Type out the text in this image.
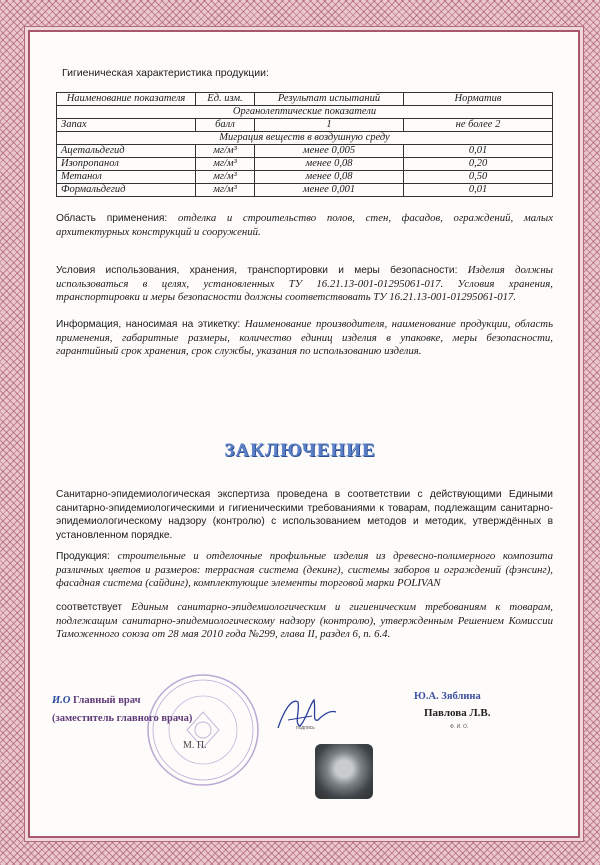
Гигиеническая характеристика продукции:
Наименование показателя	Ед. изм.	Результат испытаний	Норматив
Органолептические показатели			
Запах	балл	1	не более 2
Миграция веществ в воздушную среду			
Ацетальдегид	мг/м³	менее 0,005	0,01
Изопропанол	мг/м³	менее 0,08	0,20
Метанол	мг/м³	менее 0,08	0,50
Формальдегид	мг/м³	менее 0,001	0,01
Область применения: отделка и строительство полов, стен, фасадов, ограждений, малых архитектурных конструкций и сооружений.
Условия использования, хранения, транспортировки и меры безопасности: Изделия должны использоваться в целях, установленных ТУ 16.21.13-001-01295061-017. Условия хранения, транспортировки и меры безопасности должны соответствовать ТУ 16.21.13-001-01295061-017.
Информация, наносимая на этикетку: Наименование производителя, наименование продукции, область применения, габаритные размеры, количество единиц изделия в упаковке, меры безопасности, гарантийный срок хранения, срок службы, указания по использованию изделия.
ЗАКЛЮЧЕНИЕ
Санитарно-эпидемиологическая экспертиза проведена в соответствии с действующими Едиными санитарно-эпидемиологическими и гигиеническими требованиями к товарам, подлежащим санитарно-эпидемиологическому надзору (контролю) с использованием методов и методик, утверждённых в установленном порядке.
Продукция: строительные и отделочные профильные изделия из древесно-полимерного композита различных цветов и размеров: террасная система (декинг), системы заборов и ограждений (фэнсинг), фасадная система (сайдинг), комплектующие элементы торговой марки POLIVAN
соответствует Единым санитарно-эпидемиологическим и гигиеническим требованиям к товарам, подлежащим санитарно-эпидемиологическому надзору (контролю), утвержденным Решением Комиссии Таможенного союза от 28 мая 2010 года №299, глава II, раздел 6, п. 6.4.
И.О Главный врач
(заместитель главного врача)
М. П.
подпись
Ю.А. Зяблина
Павлова Л.В.
Ф. И. О.
